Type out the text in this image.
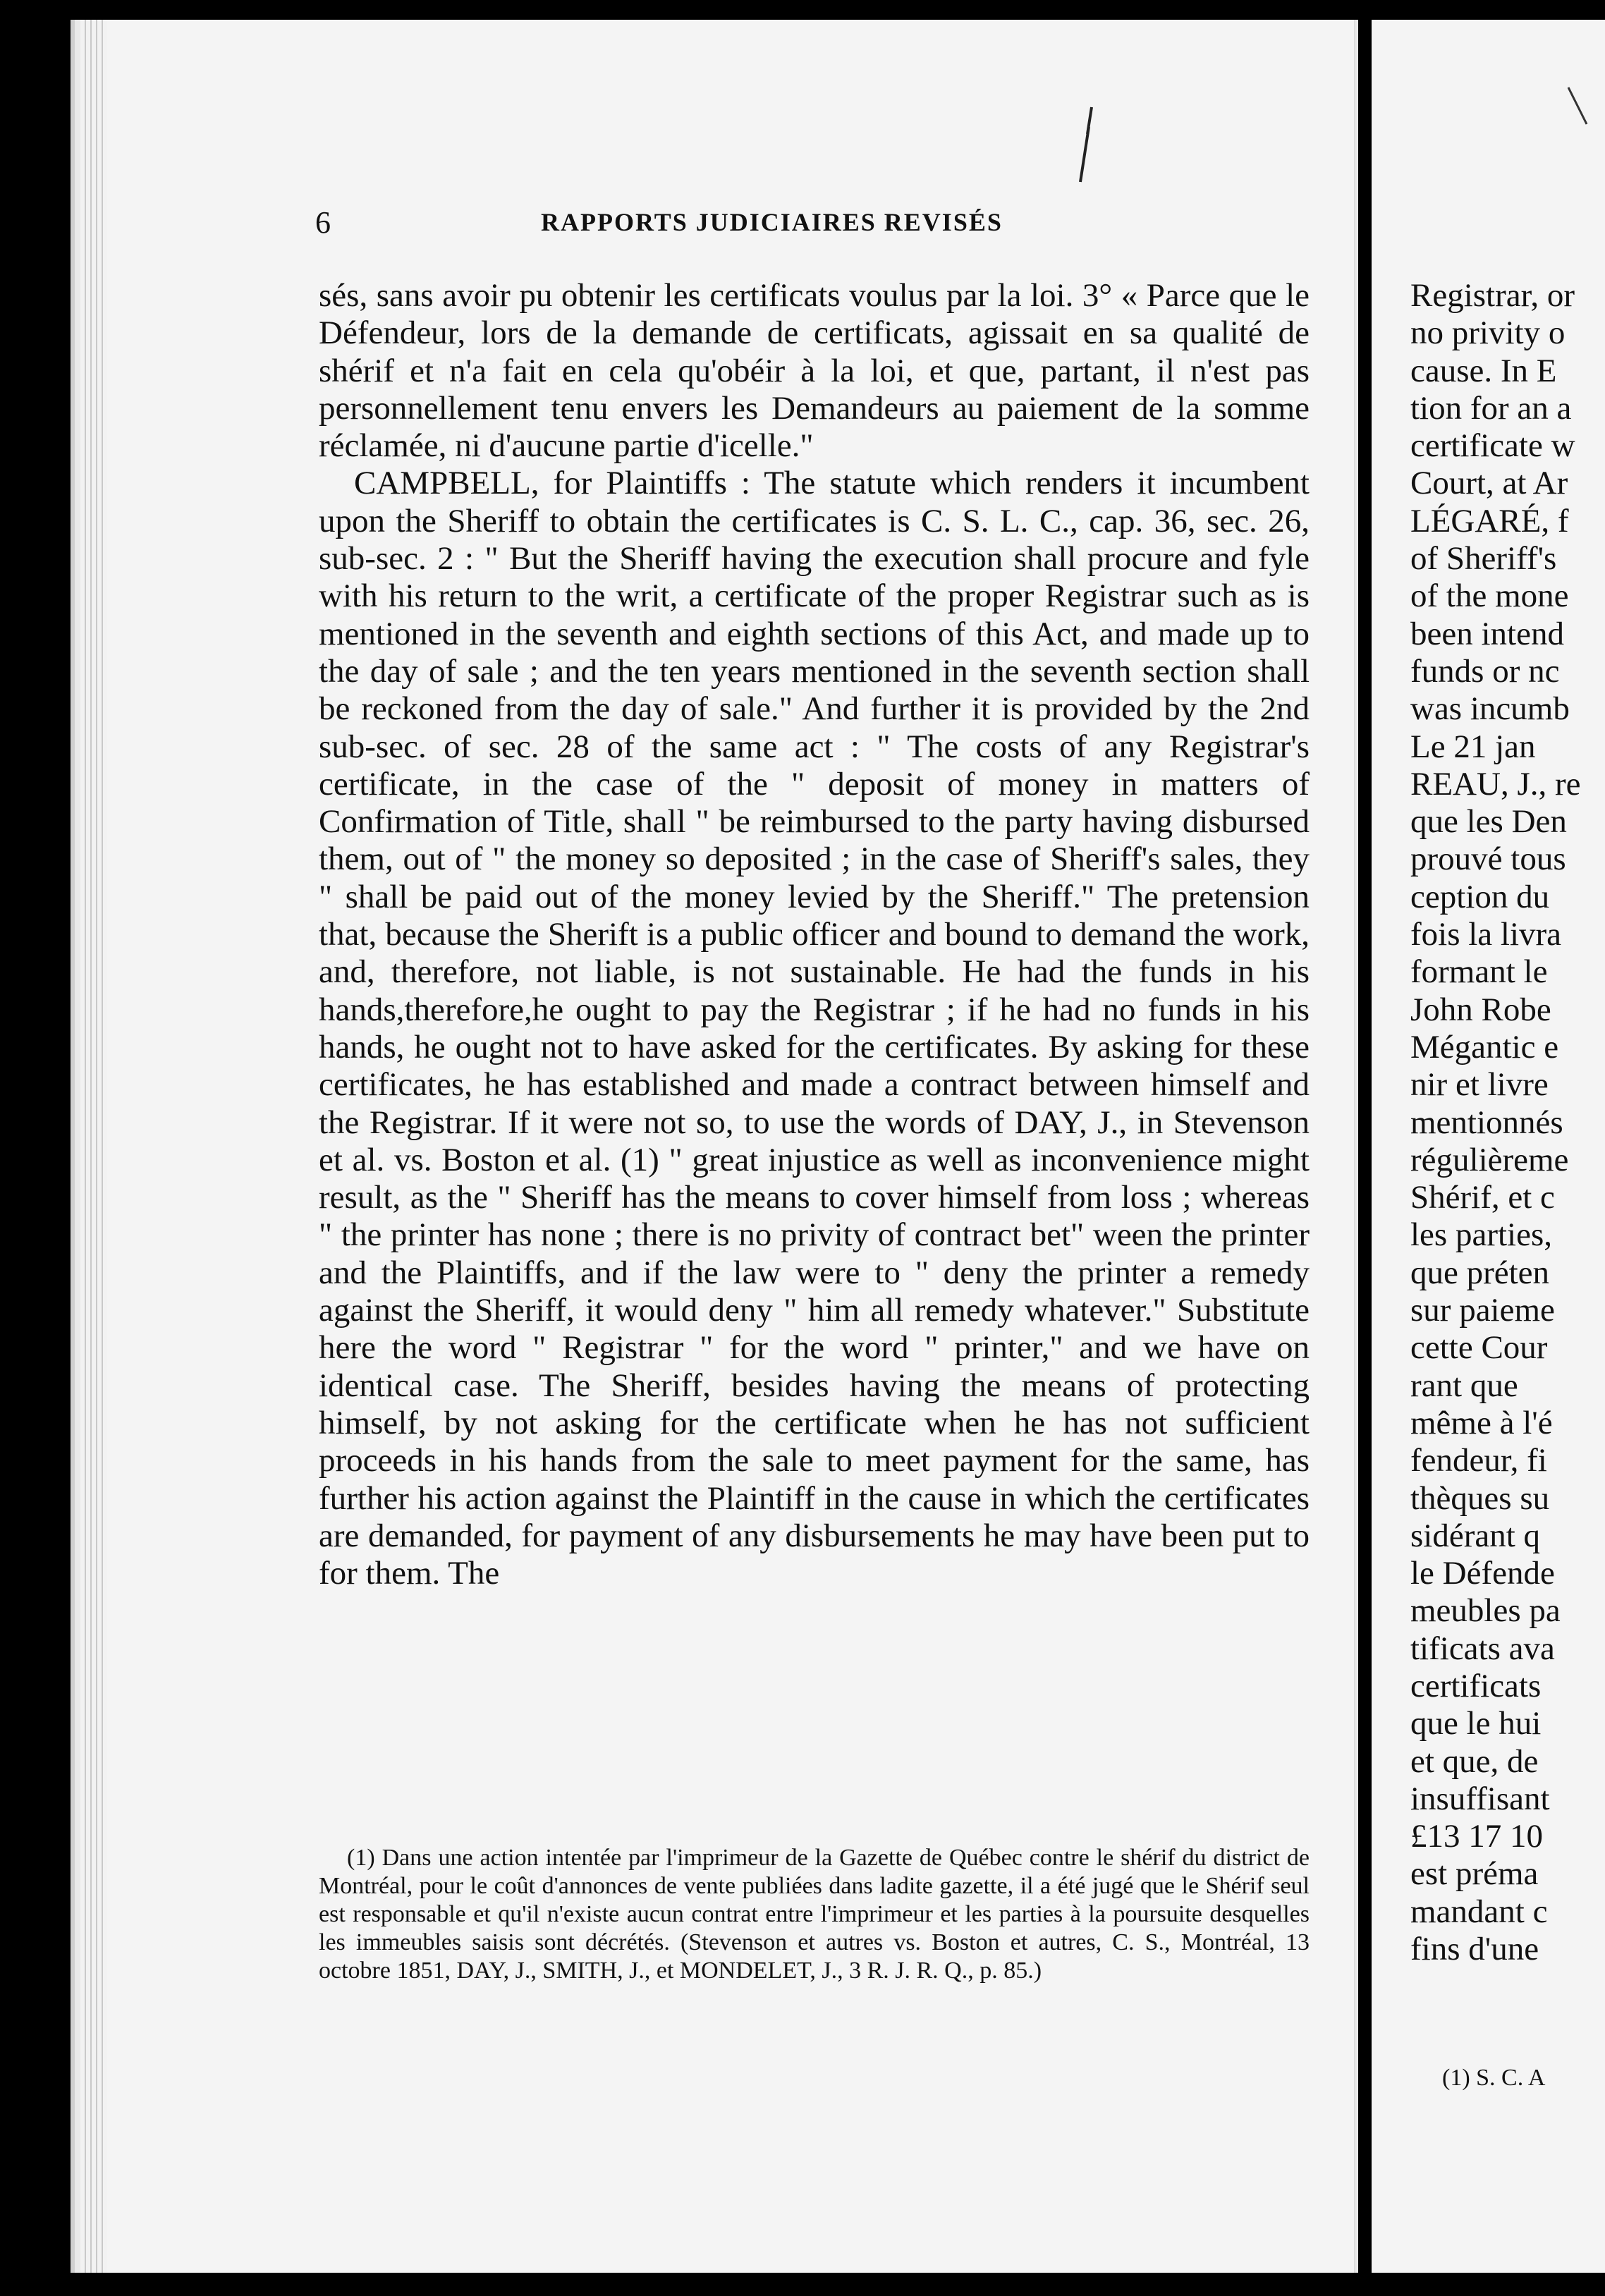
6	RAPPORTS JUDICIAIRES REVISÉS

sés, sans avoir pu obtenir les certificats voulus par la loi. 3° « Parce que le Défendeur, lors de la demande de certificats, agissait en sa qualité de shérif et n'a fait en cela qu'obéir à la loi, et que, partant, il n'est pas personnellement tenu envers les Demandeurs au paiement de la somme réclamée, ni d'aucune partie d'icelle."

CAMPBELL, for Plaintiffs : The statute which renders it incumbent upon the Sheriff to obtain the certificates is C. S. L. C., cap. 36, sec. 26, sub-sec. 2 : " But the Sheriff having the execution shall procure and fyle with his return to the writ, a certificate of the proper Registrar such as is mentioned in the seventh and eighth sections of this Act, and made up to the day of sale ; and the ten years mentioned in the seventh section shall be reckoned from the day of sale." And further it is provided by the 2nd sub-sec. of sec. 28 of the same act : " The costs of any Registrar's certificate, in the case of the " deposit of money in matters of Confirmation of Title, shall " be reimbursed to the party having disbursed them, out of " the money so deposited ; in the case of Sheriff's sales, they " shall be paid out of the money levied by the Sheriff." The pretension that, because the Sherift is a public officer and bound to demand the work, and, therefore, not liable, is not sustainable. He had the funds in his hands,therefore,he ought to pay the Registrar ; if he had no funds in his hands, he ought not to have asked for the certificates. By asking for these certificates, he has established and made a contract between himself and the Registrar. If it were not so, to use the words of DAY, J., in Stevenson et al. vs. Boston et al. (1) " great injustice as well as inconvenience might result, as the " Sheriff has the means to cover himself from loss ; whereas " the printer has none ; there is no privity of contract bet" ween the printer and the Plaintiffs, and if the law were to " deny the printer a remedy against the Sheriff, it would deny " him all remedy whatever." Substitute here the word " Registrar " for the word " printer," and we have on identical case. The Sheriff, besides having the means of protecting himself, by not asking for the certificate when he has not sufficient proceeds in his hands from the sale to meet payment for the same, has further his action against the Plaintiff in the cause in which the certificates are demanded, for payment of any disbursements he may have been put to for them. The

(1) Dans une action intentée par l'imprimeur de la Gazette de Québec contre le shérif du district de Montréal, pour le coût d'annonces de vente publiées dans ladite gazette, il a été jugé que le Shérif seul est responsable et qu'il n'existe aucun contrat entre l'imprimeur et les parties à la poursuite desquelles les immeubles saisis sont décrétés. (Stevenson et autres vs. Boston et autres, C. S., Montréal, 13 octobre 1851, DAY, J., SMITH, J., et MONDELET, J., 3 R. J. R. Q., p. 85.)

Registrar, or
no privity o
cause. In E
tion for an a
certificate w
Court, at Ar
LÉGARÉ, f
of Sheriff's
of the mone
been intend
funds or nc
was incumb
Le 21 jan
REAU, J., re
que les Den
prouvé tous
ception du
fois la livra
formant le
John Robe
Mégantic e
nir et livre
mentionnés
régulièreme
Shérif, et c
les parties,
que préten
sur paieme
cette Cour
rant que
même à l'é
fendeur, fi
thèques su
sidérant q
le Défende
meubles pa
tificats ava
certificats
que le hui
et que, de
insuffisant
£13 17 10
est préma
mandant c
fins d'une
(1) S. C. A
